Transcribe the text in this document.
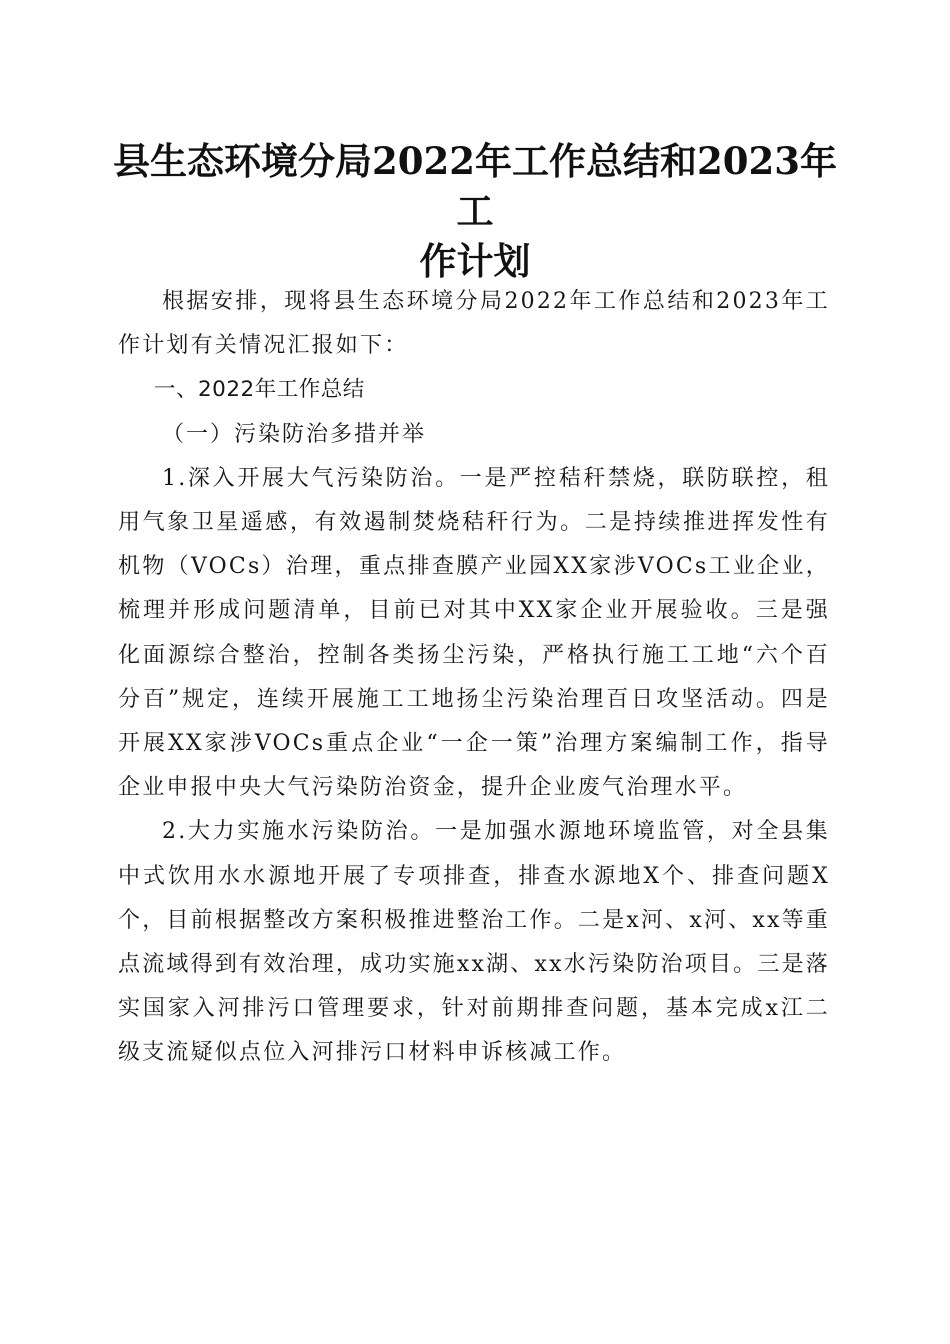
县生态环境分局2022年工作总结和2023年工
作计划

根据安排，现将县生态环境分局2022年工作总结和2023年工作计划有关情况汇报如下：

一、2022年工作总结

（一）污染防治多措并举

1.深入开展大气污染防治。一是严控秸秆禁烧，联防联控，租用气象卫星遥感，有效遏制焚烧秸秆行为。二是持续推进挥发性有机物（VOCs）治理，重点排查膜产业园XX家涉VOCs工业企业，梳理并形成问题清单，目前已对其中XX家企业开展验收。三是强化面源综合整治，控制各类扬尘污染，严格执行施工工地“六个百分百”规定，连续开展施工工地扬尘污染治理百日攻坚活动。四是开展XX家涉VOCs重点企业“一企一策”治理方案编制工作，指导企业申报中央大气污染防治资金，提升企业废气治理水平。

2.大力实施水污染防治。一是加强水源地环境监管，对全县集中式饮用水水源地开展了专项排查，排查水源地X个、排查问题X个，目前根据整改方案积极推进整治工作。二是x河、x河、xx等重点流域得到有效治理，成功实施xx湖、xx水污染防治项目。三是落实国家入河排污口管理要求，针对前期排查问题，基本完成x江二级支流疑似点位入河排污口材料申诉核减工作。
